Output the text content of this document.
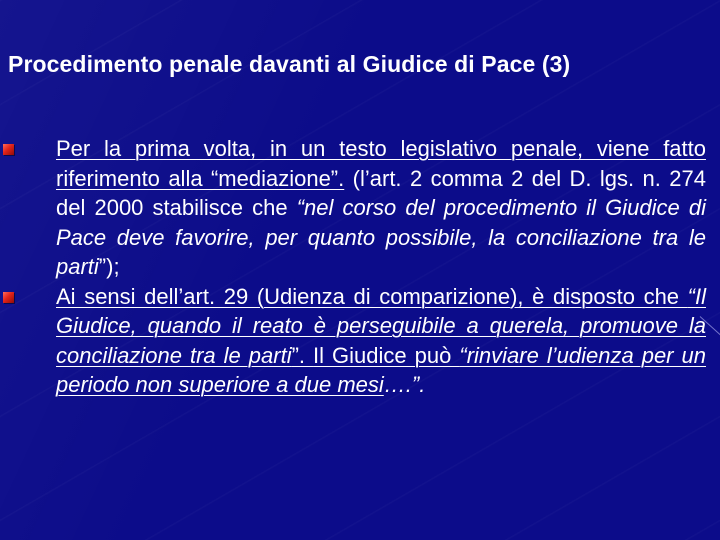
Procedimento penale davanti al Giudice di Pace (3)
Per la prima volta, in un testo legislativo penale, viene fatto riferimento alla “mediazione”. (l’art. 2 comma 2 del D. lgs. n. 274 del 2000 stabilisce che “nel corso del procedimento il Giudice di Pace deve favorire, per quanto possibile, la conciliazione tra le parti”);
Ai sensi dell’art. 29 (Udienza di comparizione), è disposto che “Il Giudice, quando il reato è perseguibile a querela, promuove la conciliazione tra le parti”. Il Giudice può “rinviare l’udienza per un periodo non superiore a due mesi….”.
